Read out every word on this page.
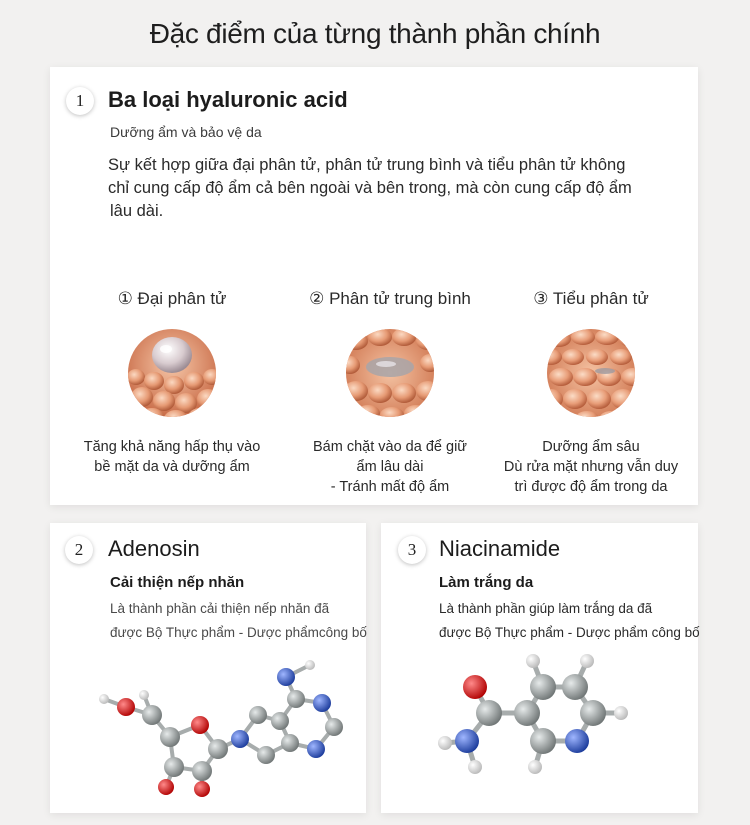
Đặc điểm của từng thành phần chính
1	Ba loại hyaluronic acid
Dưỡng ẩm và bảo vệ da
Sự kết hợp giữa đại phân tử, phân tử trung bình và tiểu phân tử không
chỉ cung cấp độ ẩm cả bên ngoài và bên trong, mà còn cung cấp độ ẩm
lâu dài.
① Đại phân tử
Tăng khả năng hấp thụ vào
bề mặt da và dưỡng ẩm
② Phân tử trung bình
Bám chặt vào da để giữ
ẩm lâu dài
- Tránh mất độ ẩm
③ Tiểu phân tử
Dưỡng ẩm sâu
Dù rửa mặt nhưng vẫn duy
trì được độ ẩm trong da
2	Adenosin
Cải thiện nếp nhăn
Là thành phần cải thiện nếp nhăn đã
được Bộ Thực phẩm - Dược phẩmcông bố
3	Niacinamide
Làm trắng da
Là thành phần giúp làm trắng da đã
được Bộ Thực phẩm - Dược phẩm công bố
